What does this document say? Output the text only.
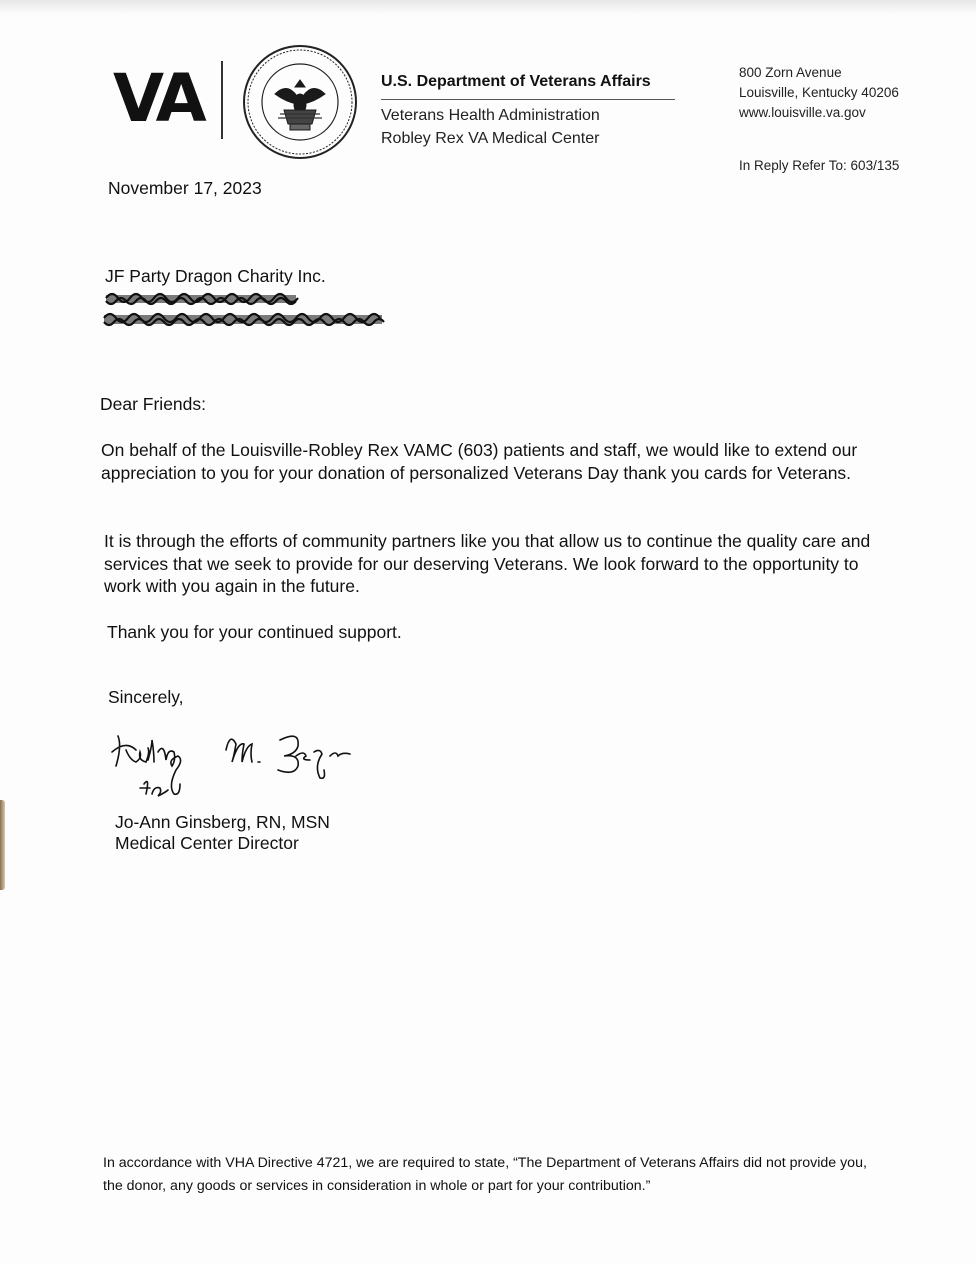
VA	U.S. Department of Veterans Affairs
Veterans Health Administration
Robley Rex VA Medical Center
800 Zorn Avenue
Louisville, Kentucky 40206
www.louisville.va.gov
In Reply Refer To: 603/135
November 17, 2023
JF Party Dragon Charity Inc.
Dear Friends:
On behalf of the Louisville-Robley Rex VAMC (603) patients and staff, we would like to extend our appreciation to you for your donation of personalized Veterans Day thank you cards for Veterans.
It is through the efforts of community partners like you that allow us to continue the quality care and services that we seek to provide for our deserving Veterans. We look forward to the opportunity to work with you again in the future.
Thank you for your continued support.
Sincerely,
Jo-Ann Ginsberg, RN, MSN
Medical Center Director
In accordance with VHA Directive 4721, we are required to state, “The Department of Veterans Affairs did not provide you, the donor, any goods or services in consideration in whole or part for your contribution.”
